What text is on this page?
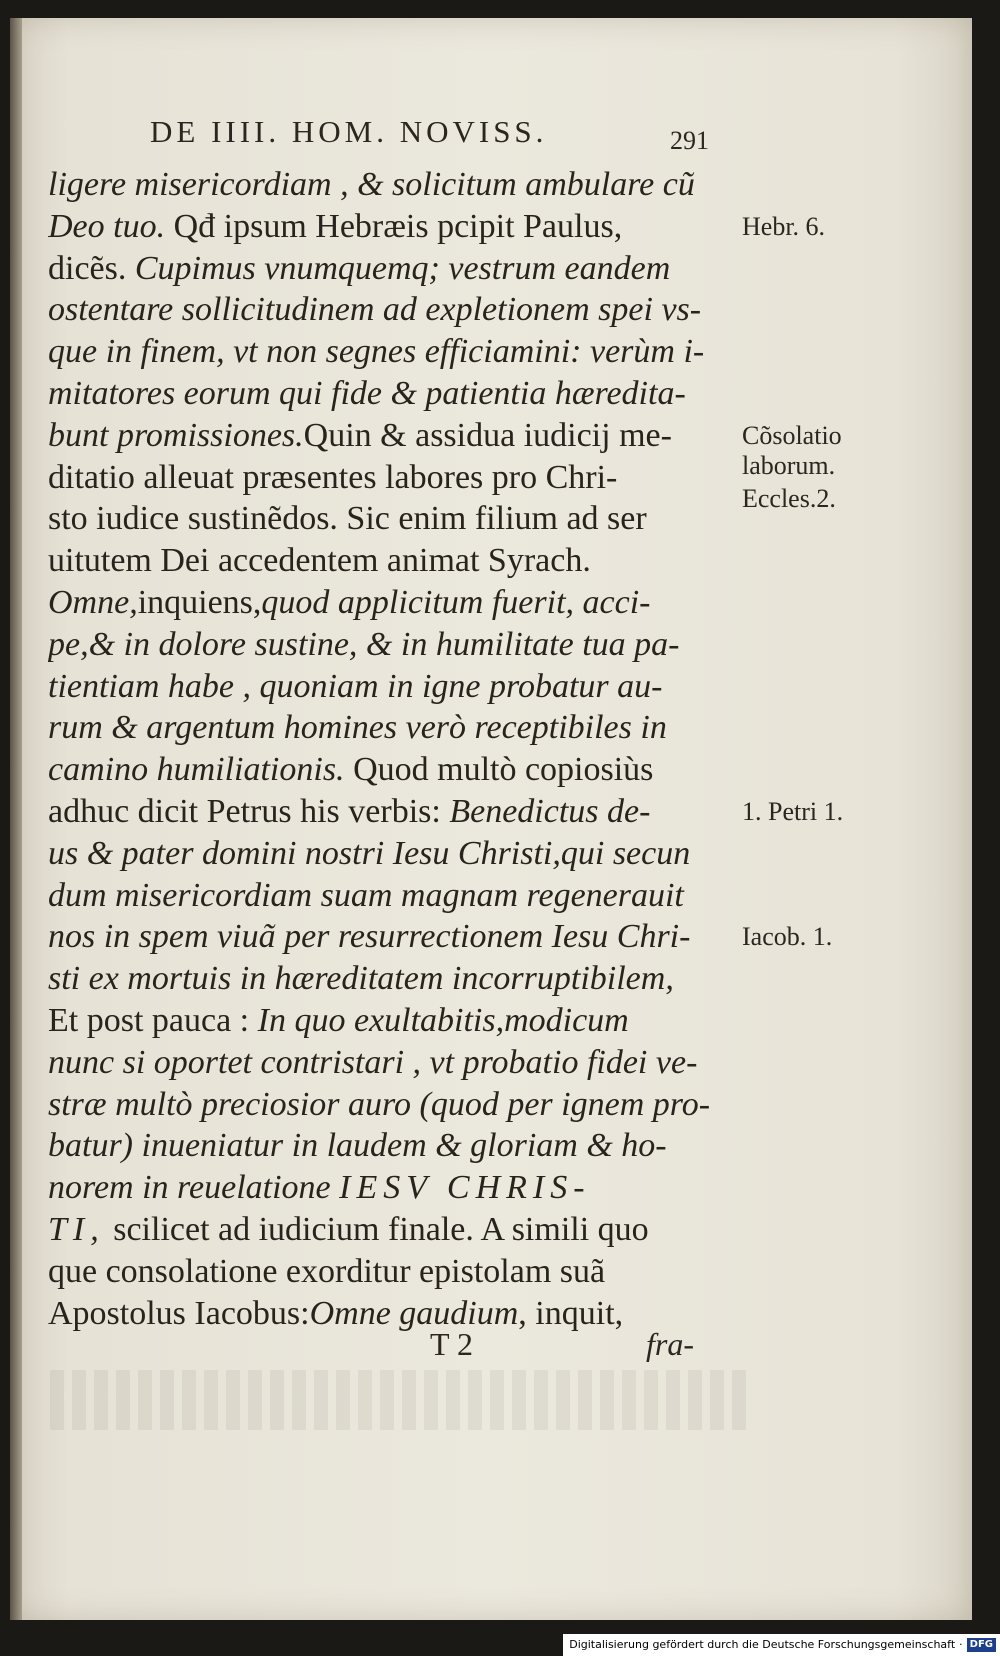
DE IIII. HOM. NOVISS.	291
ligere misericordiam , & solicitum ambulare cũ
Deo tuo. Qđ ipsum Hebræis pcipit Paulus,
dicẽs. Cupimus vnumquemq; vestrum eandem
ostentare sollicitudinem ad expletionem spei vs-
que in finem, vt non segnes efficiamini: verùm i-
mitatores eorum qui fide & patientia hæredita-
bunt promissiones.Quin & assidua iudicij me-
ditatio alleuat præsentes labores pro Chri-
sto iudice sustinẽdos. Sic enim filium ad ser
uitutem Dei accedentem animat Syrach.
Omne,inquiens,quod applicitum fuerit, acci-
pe,& in dolore sustine, & in humilitate tua pa-
tientiam habe , quoniam in igne probatur au-
rum & argentum homines verò receptibiles in
camino humiliationis. Quod multò copiosiùs
adhuc dicit Petrus his verbis: Benedictus de-
us & pater domini nostri Iesu Christi,qui secun
dum misericordiam suam magnam regenerauit
nos in spem viuã per resurrectionem Iesu Chri-
sti ex mortuis in hæreditatem incorruptibilem,
Et post pauca : In quo exultabitis,modicum
nunc si oportet contristari , vt probatio fidei ve-
stræ multò preciosior auro (quod per ignem pro-
batur) inueniatur in laudem & gloriam & ho-
norem in reuelatione IESV CHRIS-
TI, scilicet ad iudicium finale. A simili quo
que consolatione exorditur epistolam suã
Apostolus Iacobus:Omne gaudium, inquit,
Hebr. 6.
Cõsolatio
laborum.
Eccles.2.
1. Petri 1.
Iacob. 1.
T 2	fra-
Digitalisierung gefördert durch die Deutsche Forschungsgemeinschaft · DFG
